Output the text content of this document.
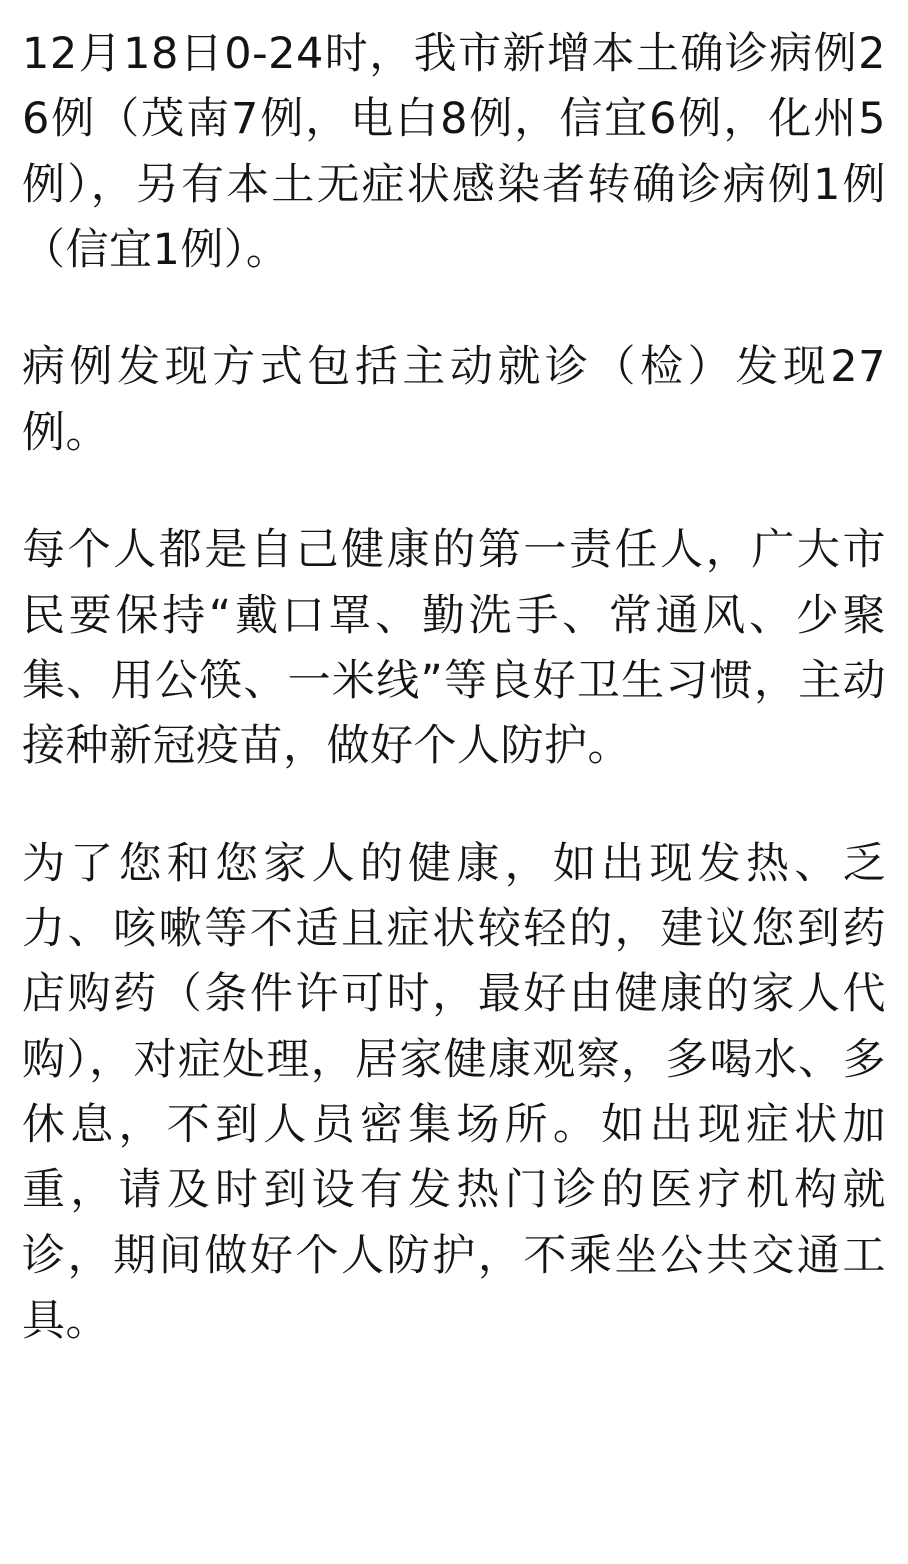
12月18日0-24时，我市新增本土确诊病例26例（茂南7例，电白8例，信宜6例，化州5例），另有本土无症状感染者转确诊病例1例（信宜1例）。

病例发现方式包括主动就诊（检）发现27例。

每个人都是自己健康的第一责任人，广大市民要保持“戴口罩、勤洗手、常通风、少聚集、用公筷、一米线”等良好卫生习惯，主动接种新冠疫苗，做好个人防护。

为了您和您家人的健康，如出现发热、乏力、咳嗽等不适且症状较轻的，建议您到药店购药（条件许可时，最好由健康的家人代购），对症处理，居家健康观察，多喝水、多休息，不到人员密集场所。如出现症状加重，请及时到设有发热门诊的医疗机构就诊，期间做好个人防护，不乘坐公共交通工具。
